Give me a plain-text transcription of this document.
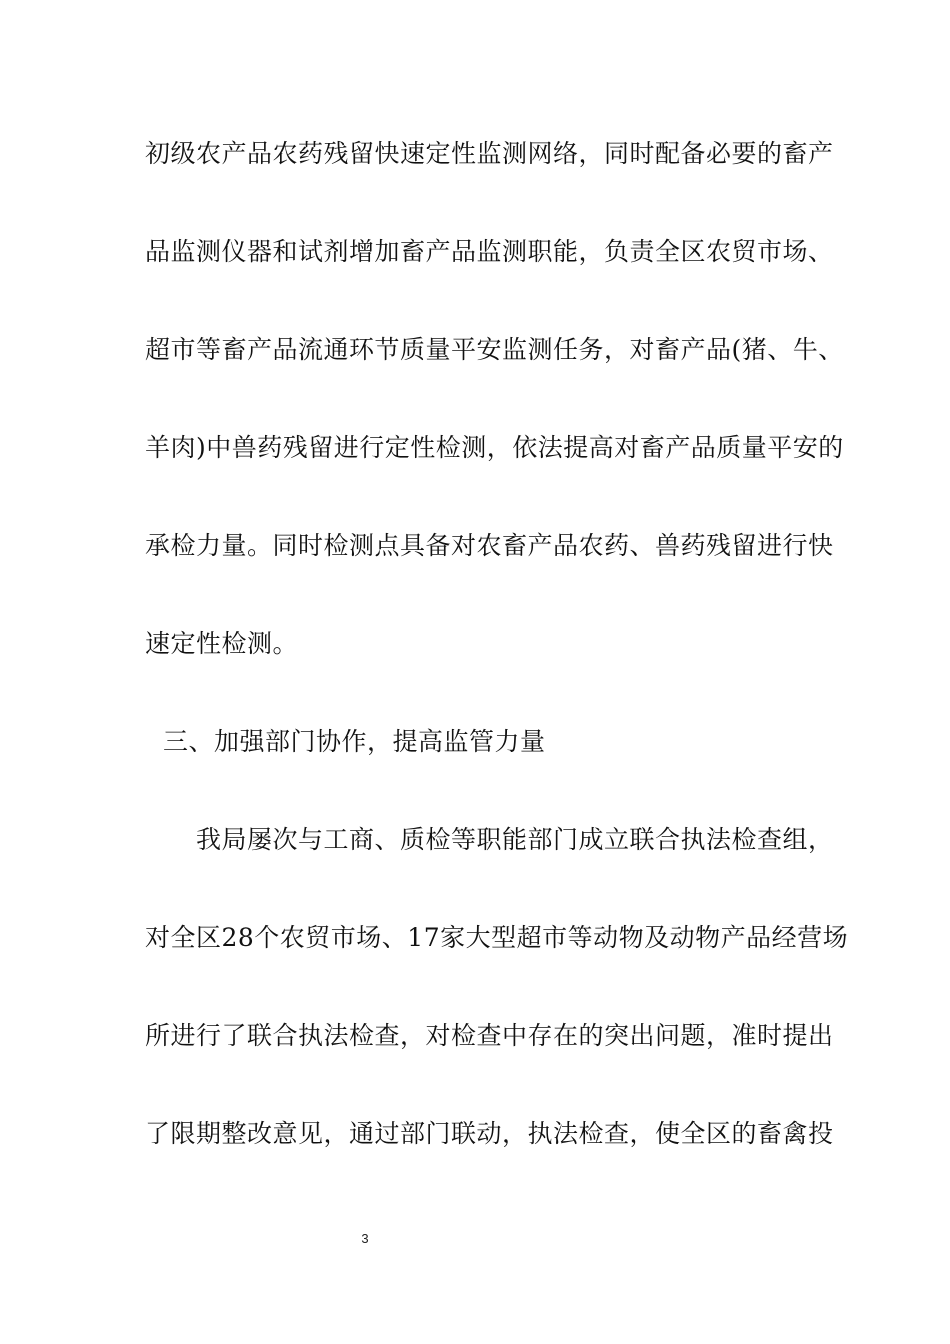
初级农产品农药残留快速定性监测网络，同时配备必要的畜产
品监测仪器和试剂增加畜产品监测职能，负责全区农贸市场、
超市等畜产品流通环节质量平安监测任务，对畜产品(猪、牛、
羊肉)中兽药残留进行定性检测，依法提高对畜产品质量平安的
承检力量。同时检测点具备对农畜产品农药、兽药残留进行快
速定性检测。
三、加强部门协作，提高监管力量
我局屡次与工商、质检等职能部门成立联合执法检查组，
对全区28个农贸市场、17家大型超市等动物及动物产品经营场
所进行了联合执法检查，对检查中存在的突出问题，准时提出
了限期整改意见，通过部门联动，执法检查，使全区的畜禽投
3
